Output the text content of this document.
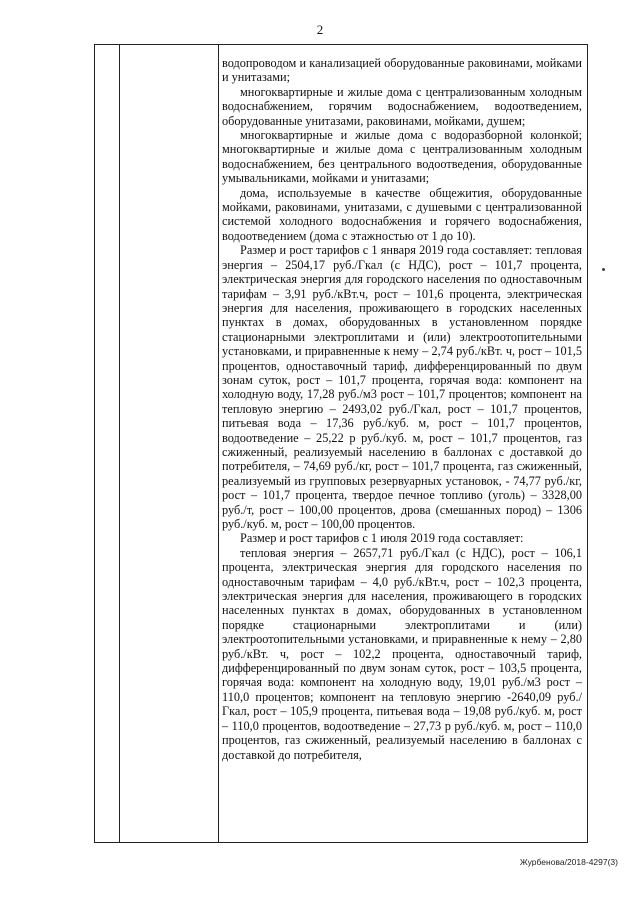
2

водопроводом и канализацией оборудованные раковинами, мойками и унитазами;

многоквартирные и жилые дома с централизованным холодным водоснабжением, горячим водоснабжением, водоотведением, оборудованные унитазами, раковинами, мойками, душем;

многоквартирные и жилые дома с водоразборной колонкой; многоквартирные и жилые дома с централизованным холодным водоснабжением, без центрального водоотведения, оборудованные умывальниками, мойками и унитазами;

дома, используемые в качестве общежития, оборудованные мойками, раковинами, унитазами, с душевыми с централизованной системой холодного водоснабжения и горячего водоснабжения, водоотведением (дома с этажностью от 1 до 10).

Размер и рост тарифов с 1 января 2019 года составляет: тепловая энергия – 2504,17 руб./Гкал (с НДС), рост – 101,7 процента, электрическая энергия для городского населения по одноставочным тарифам – 3,91 руб./кВт.ч, рост – 101,6 процента, электрическая энергия для населения, проживающего в городских населенных пунктах в домах, оборудованных в установленном порядке стационарными электроплитами и (или) электроотопительными установками, и приравненные к нему – 2,74 руб./кВт. ч, рост – 101,5 процентов, одноставочный тариф, дифференцированный по двум зонам суток, рост – 101,7 процента, горячая вода: компонент на холодную воду, 17,28 руб./м3 рост – 101,7 процентов; компонент на тепловую энергию – 2493,02 руб./Гкал, рост – 101,7 процентов, питьевая вода – 17,36 руб./куб. м, рост – 101,7 процентов, водоотведение – 25,22 р руб./куб. м, рост – 101,7 процентов, газ сжиженный, реализуемый населению в баллонах с доставкой до потребителя, – 74,69 руб./кг, рост – 101,7 процента, газ сжиженный, реализуемый из групповых резервуарных установок, - 74,77 руб./кг, рост – 101,7 процента, твердое печное топливо (уголь) – 3328,00 руб./т, рост – 100,00 процентов, дрова (смешанных пород) – 1306 руб./куб. м, рост – 100,00 процентов.

Размер и рост тарифов с 1 июля 2019 года составляет:

тепловая энергия – 2657,71 руб./Гкал (с НДС), рост – 106,1 процента, электрическая энергия для городского населения по одноставочным тарифам – 4,0 руб./кВт.ч, рост – 102,3 процента, электрическая энергия для населения, проживающего в городских населенных пунктах в домах, оборудованных в установленном порядке стационарными электроплитами и (или) электроотопительными установками, и приравненные к нему – 2,80 руб./кВт. ч, рост – 102,2 процента, одноставочный тариф, дифференцированный по двум зонам суток, рост – 103,5 процента, горячая вода: компонент на холодную воду, 19,01 руб./м3 рост – 110,0 процентов; компонент на тепловую энергию -2640,09 руб./Гкал, рост – 105,9 процента, питьевая вода – 19,08 руб./куб. м, рост – 110,0 процентов, водоотведение – 27,73 р руб./куб. м, рост – 110,0 процентов, газ сжиженный, реализуемый населению в баллонах с доставкой до потребителя,

Журбенова/2018-4297(3)
